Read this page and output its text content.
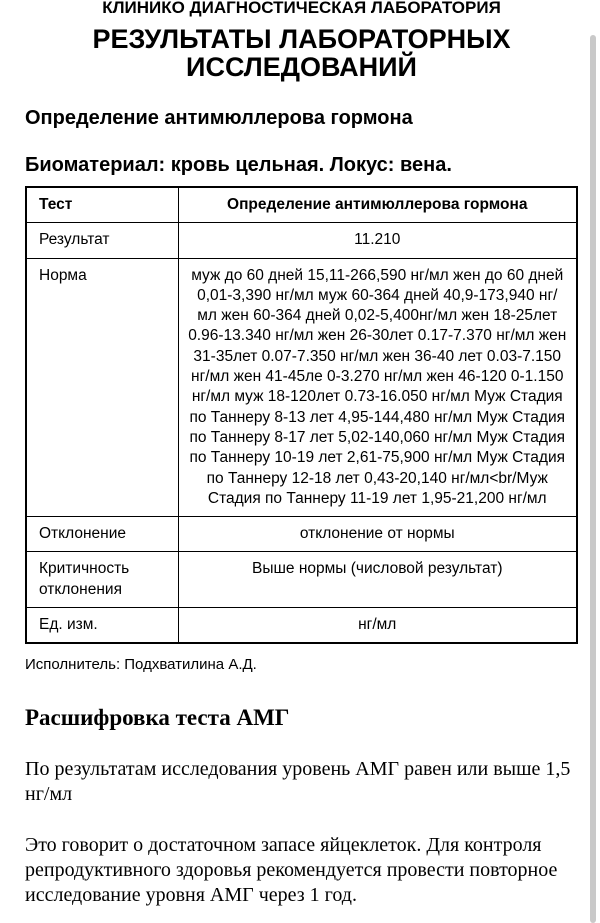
КЛИНИКО ДИАГНОСТИЧЕСКАЯ ЛАБОРАТОРИЯ
РЕЗУЛЬТАТЫ ЛАБОРАТОРНЫХ ИССЛЕДОВАНИЙ
Определение антимюллерова гормона
Биоматериал: кровь цельная. Локус: вена.
Тест	Определение антимюллерова гормона
Результат	11.210
Норма	муж до 60 дней 15,11-266,590 нг/мл жен до 60 дней 0,01-3,390 нг/мл муж 60-364 дней 40,9-173,940 нг/мл жен 60-364 дней 0,02-5,400нг/мл жен 18-25лет 0.96-13.340 нг/мл жен 26-30лет 0.17-7.370 нг/мл жен 31-35лет 0.07-7.350 нг/мл жен 36-40 лет 0.03-7.150 нг/мл жен 41-45ле 0-3.270 нг/мл жен 46-120 0-1.150 нг/мл муж 18-120лет 0.73-16.050 нг/мл Муж Стадия по Таннеру 8-13 лет 4,95-144,480 нг/мл Муж Стадия по Таннеру 8-17 лет 5,02-140,060 нг/мл Муж Стадия по Таннеру 10-19 лет 2,61-75,900 нг/мл Муж Стадия по Таннеру 12-18 лет 0,43-20,140 нг/мл<br/Муж Стадия по Таннеру 11-19 лет 1,95-21,200 нг/мл
Отклонение	отклонение от нормы
Критичность отклонения	Выше нормы (числовой результат)
Ед. изм.	нг/мл
Исполнитель: Подхватилина А.Д.
Расшифровка теста АМГ

По результатам исследования уровень АМГ равен или выше 1,5 нг/мл

Это говорит о достаточном запасе яйцеклеток. Для контроля репродуктивного здоровья рекомендуется провести повторное исследование уровня АМГ через 1 год.
